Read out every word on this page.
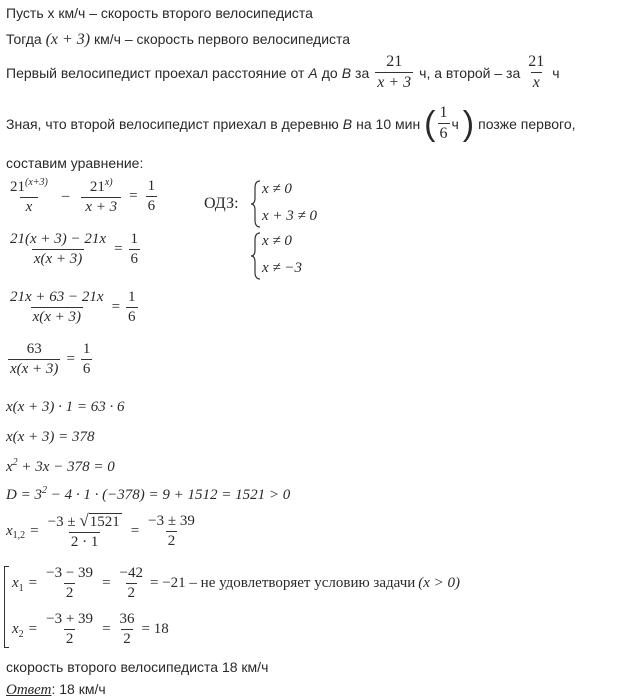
Пусть x км/ч – скорость второго велосипедиста
Тогда (x + 3) км/ч – скорость первого велосипедиста
Первый велосипедист проехал расстояние от A до B за
21
x + 3
ч, а второй – за
21
x
ч
Зная, что второй велосипедист приехал в деревню B на 10 мин ( 1
6
ч ) позже первого,
составим уравнение:
$21^{(x+3)}$
x
– $\frac{21^{x)}}{x + 3} = \frac{1}{6}$	ОДЗ:
x ≠ 0
x + 3 ≠ 0
x ≠ 0
x ≠ −3
$\frac{21(x + 3) - 21x}{x(x + 3)} = \frac{1}{6}$
$\frac{21x + 63 - 21x}{x(x + 3)} = \frac{1}{6}$
$\frac{63}{x(x + 3)} = \frac{1}{6}$
x(x + 3) · 1 = 63 · 6
x(x + 3) = 378
$x^2 + 3x - 378 = 0$
$D = 3^2 - 4 \cdot 1 \cdot (-378) = 9 + 1512 = 1521 > 0$
$x_{1,2} = \frac{-3 \pm √1521}{2 \cdot 1} = \frac{-3 \pm 39}{2}$
$x_1 = \frac{-3 - 39}{2} = \frac{-42}{2} = -21$ – не удовлетворяет условию задачи (x > 0)
$x_2 = \frac{-3 + 39}{2} = \frac{36}{2} = 18$
скорость второго велосипедиста 18 км/ч
Ответ: 18 км/ч
